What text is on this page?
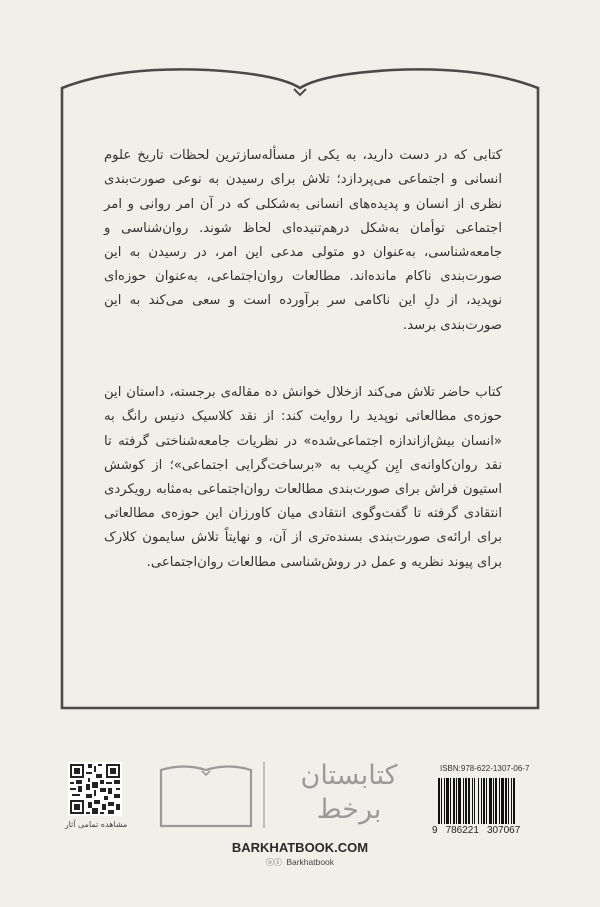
کتابی که در دست دارید، به یکی از مسأله‌سازترین لحظات تاریخ علوم انسانی و اجتماعی می‌پردازد؛ تلاش برای رسیدن به نوعی صورت‌بندی نظری از انسان و پدیده‌های انسانی به‌شکلی که در آن امر روانی و امر اجتماعی توأمان به‌شکل درهم‌تنیده‌ای لحاظ شوند. روان‌شناسی و جامعه‌شناسی، به‌عنوان دو متولی مدعی این امر، در رسیدن به این صورت‌بندی ناکام مانده‌اند. مطالعات روان‌اجتماعی، به‌عنوان حوزه‌ای نوپدید، از دلِ این ناکامی سر برآورده است و سعی می‌کند به این صورت‌بندی برسد.

کتاب حاضر تلاش می‌کند ازخلال خوانش ده مقاله‌ی برجسته، داستان این حوزه‌ی مطالعاتی نوپدید را روایت کند: از نقد کلاسیک دنیس رانگ به «انسان بیش‌ازاندازه اجتماعی‌شده» در نظریات جامعه‌شناختی گرفته تا نقد روان‌کاوانه‌ی ایِن کرِیب به «برساخت‌گرایی اجتماعی»؛ از کوشش استیون فراش برای صورت‌بندی مطالعات روان‌اجتماعی به‌مثابه رویکردی انتقادی گرفته تا گفت‌وگوی انتقادی میان کاورزان این حوزه‌ی مطالعاتی برای ارائه‌ی صورت‌بندی بسنده‌تری از آن، و نهایتاً تلاش سایمون کلارک برای پیوند نظریه و عمل در روش‌شناسی مطالعات روان‌اجتماعی.

مشاهده تمامی آثار
کتابستان
برخط
ISBN:978-622-1307-06-7
9 786221 307067
BARKHATBOOK.COM
ⓞⓘ Barkhatbook
